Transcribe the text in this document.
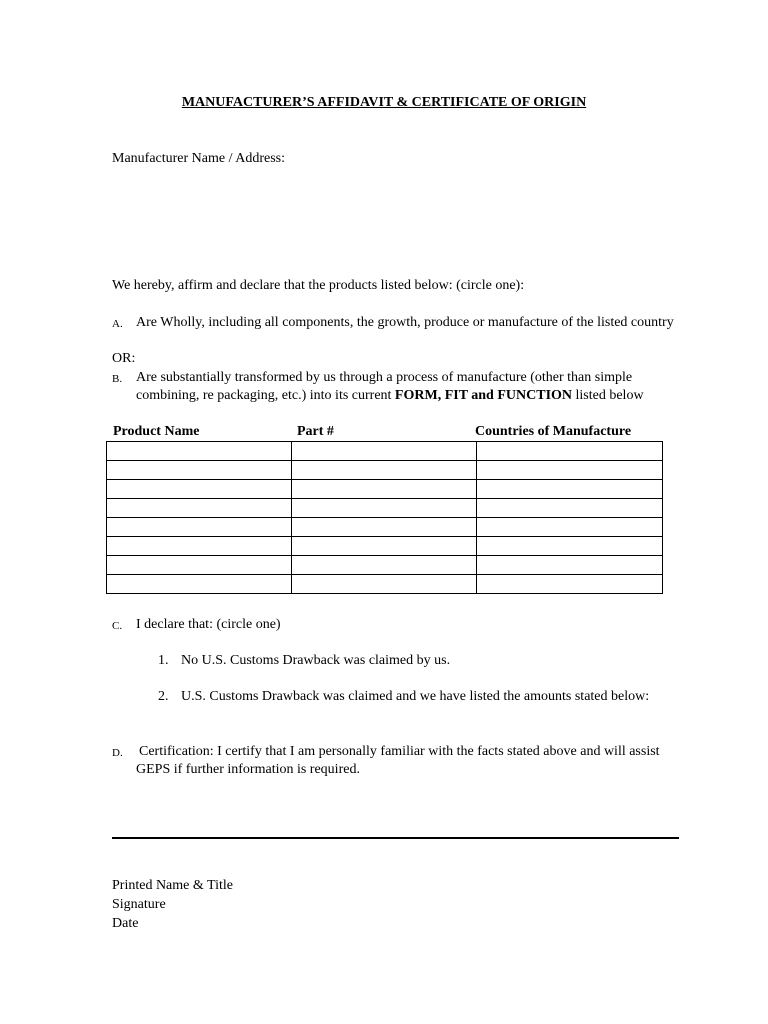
MANUFACTURER’S AFFIDAVIT & CERTIFICATE OF ORIGIN
Manufacturer Name / Address:
We hereby, affirm and declare that the products listed below: (circle one):
A. Are Wholly, including all components, the growth, produce or manufacture of the listed country
OR:
B. Are substantially transformed by us through a process of manufacture (other than simple combining, re packaging, etc.) into its current FORM, FIT and FUNCTION listed below
Product Name	Part #	Countries of Manufacture

C. I declare that: (circle one)
1. No U.S. Customs Drawback was claimed by us.
2. U.S. Customs Drawback was claimed and we have listed the amounts stated below:
D. Certification: I certify that I am personally familiar with the facts stated above and will assist GEPS if further information is required.
Printed Name & Title
Signature
Date
